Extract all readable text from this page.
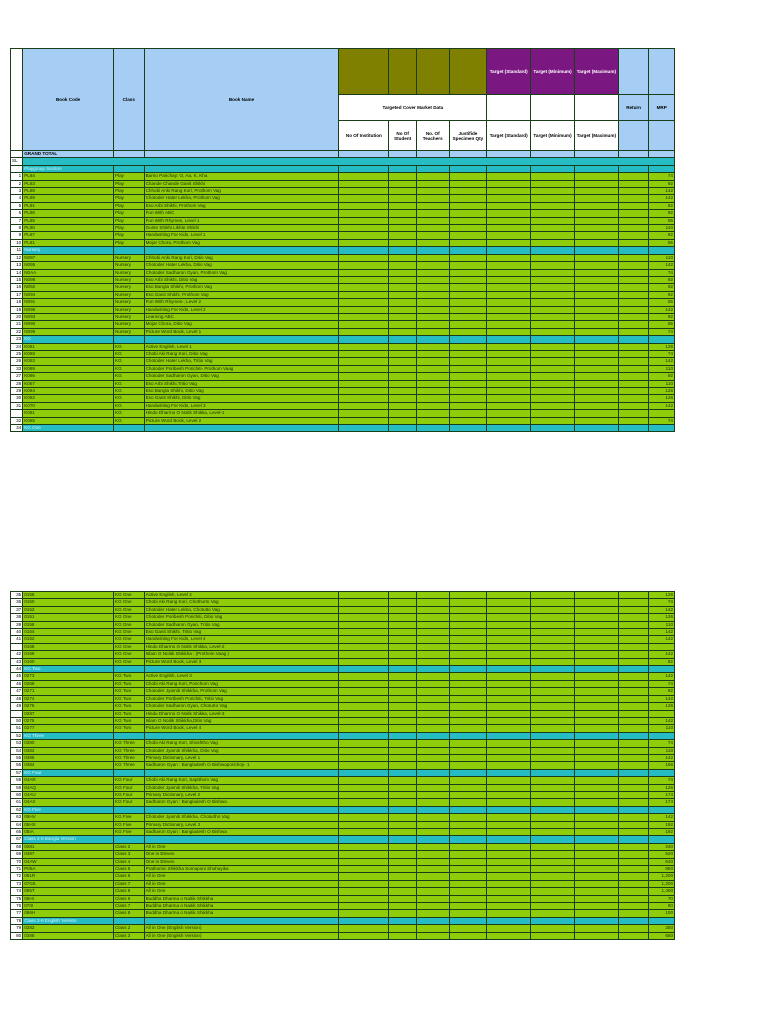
	Book Code	Class	Book Name					Target (Standard)	Target (Minimum)	Target (Maximum)		
				Targeted Cover Market Data							Return	MRP
				No Of Institution	No Of Student	No. Of Teachers	Justifide Specimen Qty	Target (Standard)	Target (Minimum)	Target (Maximum)		
	GRAND TOTAL											
SL												
	Playgroup Section											
1	PL84	Play	Barno Parichay: O, Aa, K, Kha									74
2	PL83	Play	Chande Chande Ganit Shikhi									92
3	PL88	Play	Chhobi Anki Rang Kori, Prothom Vag									142
4	PL89	Play	Chotoder Hater Lekha, Prothom Vag									142
5	PL91	Play	Eso Arbi Shikhi, Prothom Vag									92
6	PL86	Play	Fun With ABC									92
7	PL85	Play	Fun With Rhymes, Level 1									55
8	PL90	Play	Gunte Shikhi Likhte Shikhi									110
9	PL87	Play	Handwriting For Kids, Level 1									92
10	PL81	Play	Mojar Chora, Prothom Vag									55
11	Nursery											
12	N097	Nursery	Chhobi Anki Rang Kori, Ditio Vag									110
13	N095	Nursery	Chotoder Hater Lekha, Ditio Vag									142
14	N0AA	Nursery	Chotoder Sadharon Gyan, Prothom Vag									74
15	N098	Nursery	Eso Arbi Shikhi, Ditio Vag									92
16	N092	Nursery	Eso Bangla Shikhi, Prothom Vag									92
17	N094	Nursery	Eso Ganit Shikhi, Prothom Vag									92
18	N091	Nursery	Fun With Rhymes-, Level 2									55
19	N096	Nursery	Handwriting For Kids, Level 2									142
20	N093	Nursery	Learning ABC									92
21	N090	Nursery	Mojar Chora, Ditio Vag									55
22	N099	Nursery	Picture Word Book, Level 1									74
23	KG											
24	K061	KG	Active English, Level 1									126
25	K068	KG	Chobi Aki Rang Kori, Ditio Vag									74
26	K063	KG	Chotoder Hater Lekha, Tritio Vag									142
33	K069	KG	Chotoder Poribesh Porichiti- Prothom Vaag									110
27	K066	KG	Chotoder Sadharon Gyan, Ditio Vag									92
28	K067	KG	Eso Arbi Shikhi,Tritio Vag									110
29	K064	KG	Eso Bangla Shikhi, Ditio Vag									126
30	K062	KG	Eso Ganit Shikhi, Ditio Vag									126
31	K070	KG	Handwriting For Kids, Level 3									142
	K081	KG	Hindu Dharmo O Noitk Shikka, Level-1									
32	K065	KG	Picture Word Book, Level 2									74
34	KG One											
35	0155	KG One	Active English, Level 2									126
36	0150	KG One	Chobi Aki Rang Kori, Chothurto Vag									74
37	0153	KG One	Chotoder Hater Lekha, Chotutto Vag									142
38	0151	KG One	Chotoder Poribesh Porichiti, Ditio Vag									126
39	0158	KG One	Chotoder Sadharon Gyan, Tritio Vag									110
40	0154	KG One	Eso Ganit Shikhi, Tritio Vag									142
41	0152	KG One	Handwriting For Kids, Level 4									142
	0168	KG One	Hindu Dharmo O Noitk Shikka, Level-2									
42	0159	KG One	Islam O Noitik Shikkha : (Prothom Vaag )									142
43	0160	KG One	Picture Word Book, Level 3									92
44	KG Two											
45	0273	KG Two	Active English, Level 3									142
46	0269	KG Two	Chobi Aki Rang Kori, Ponchom Vag									74
47	0271	KG Two	Chotoder Jyamiti Shikkha, Prothom Vag									92
48	0274	KG Two	Chotoder Poribesh Porichiti, Tritio Vag									142
49	0276	KG Two	Chotoder Sadharon Gyan, Choturto Vag									126
	0287	KG Two	Hindu Dharmo O Noitk Shikka, Level-3									
50	0275	KG Two	Islam O Noitik Shikkha,Ditio Vag									142
51	0277	KG Two	Picture Word Book, Level 4									110
52	KG Three											
53	0380	KG Three	Chobi Aki Rang Kori, Shoshtho Vag									74
54	0382	KG Three	Chotoder Jyamiti Shikkha, Ditio Vag									110
55	0385	KG Three	Primary Dictionary, Level 1									142
56	0384	KG Three	Sadharon Gyan : Bangladesh O Bishwaporichoy- 1									156
57	KG Four											
58	04AR	KG Four	Chobi Aki Rang Kori, Saptthom Vag									74
59	04AQ	KG Four	Chotoder Jyamiti Shikkha, Tritio Vag									126
60	04AU	KG Four	Primary Dictionary, Level 2									174
61	04AX	KG Four	Sadharon Gyan : Bangladesh O Bishwa									174
62	KG Five											
63	05HV	KG Five	Chotoder Jyamiti Shikkha, Choturtho Vag									142
64	05HX	KG Five	Primary Dictionary, Level 3									192
65	05IA	KG Five	Sadharon Gyan : Bangladesh O Bishwa									192
67	Class 2-8 Bangla Version											
68	0281	Class 2	All in One									240
69	0387	Class 3	One in Eleven									520
70	04AW	Class 4	One in Eleven									640
71	P05A	Class 5	Prathomic Shikkha Somaponi Shohayika									850
72	061R	Class 6	All in One									1,200
73	07G5	Class 7	All in One									1,200
74	085T	Class 8	All in One									1,400
75	06HI	Class 6	Buddha Dharma o Naitik Shikkha									70
76	07I0	Class 7	Buddha Dharma o Naitik Shikkha									80
77	086H	Class 8	Buddha Dharma o Naitik Shikkha									100
78	Class 2-8 English Version											
79	0282	Class 2	All in One (English Version)									350
80	0388	Class 3	All in One (English Version)									650
